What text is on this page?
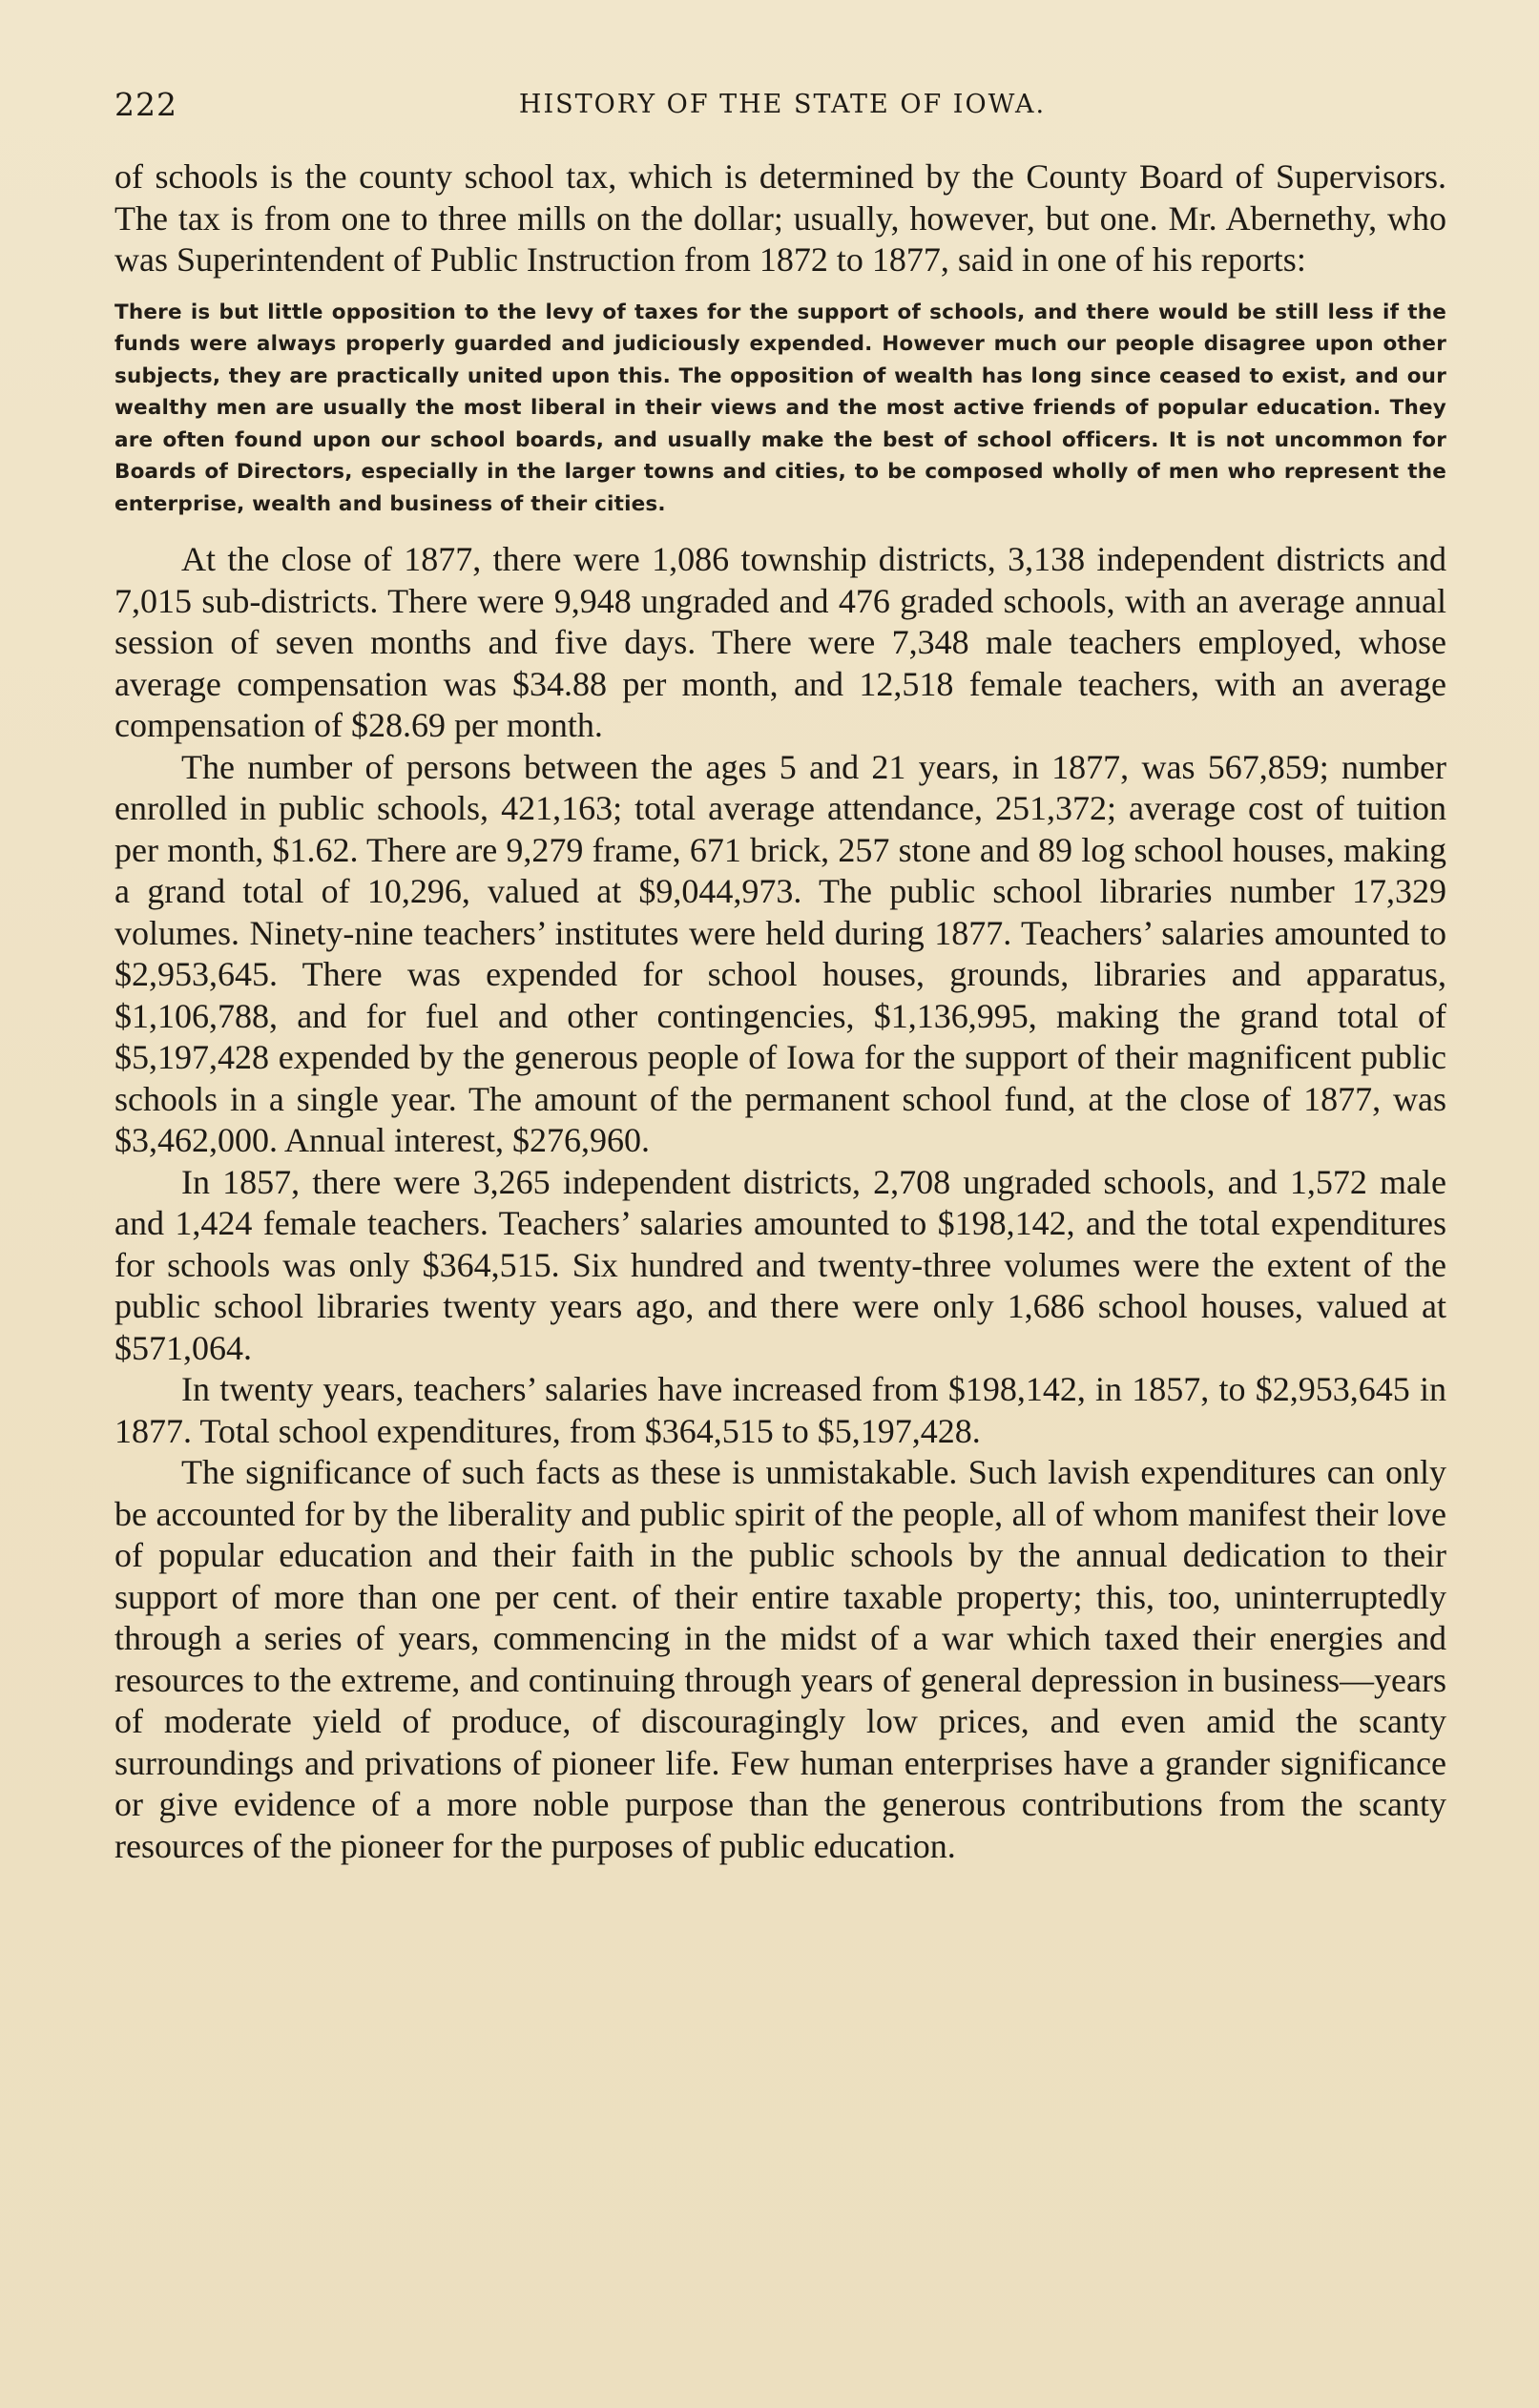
222	HISTORY OF THE STATE OF IOWA.

of schools is the county school tax, which is determined by the County Board of Supervisors. The tax is from one to three mills on the dollar; usually, however, but one. Mr. Abernethy, who was Superintendent of Public Instruction from 1872 to 1877, said in one of his reports:

There is but little opposition to the levy of taxes for the support of schools, and there would be still less if the funds were always properly guarded and judiciously expended. However much our people disagree upon other subjects, they are practically united upon this. The opposition of wealth has long since ceased to exist, and our wealthy men are usually the most liberal in their views and the most active friends of popular education. They are often found upon our school boards, and usually make the best of school officers. It is not uncommon for Boards of Directors, especially in the larger towns and cities, to be composed wholly of men who represent the enterprise, wealth and business of their cities.

At the close of 1877, there were 1,086 township districts, 3,138 independent districts and 7,015 sub-districts. There were 9,948 ungraded and 476 graded schools, with an average annual session of seven months and five days. There were 7,348 male teachers employed, whose average compensation was $34.88 per month, and 12,518 female teachers, with an average compensation of $28.69 per month.

The number of persons between the ages 5 and 21 years, in 1877, was 567,859; number enrolled in public schools, 421,163; total average attendance, 251,372; average cost of tuition per month, $1.62. There are 9,279 frame, 671 brick, 257 stone and 89 log school houses, making a grand total of 10,296, valued at $9,044,973. The public school libraries number 17,329 volumes. Ninety-nine teachers’ institutes were held during 1877. Teachers’ salaries amounted to $2,953,645. There was expended for school houses, grounds, libraries and apparatus, $1,106,788, and for fuel and other contingencies, $1,136,995, making the grand total of $5,197,428 expended by the generous people of Iowa for the support of their magnificent public schools in a single year. The amount of the permanent school fund, at the close of 1877, was $3,462,000. Annual interest, $276,960.

In 1857, there were 3,265 independent districts, 2,708 ungraded schools, and 1,572 male and 1,424 female teachers. Teachers’ salaries amounted to $198,142, and the total expenditures for schools was only $364,515. Six hundred and twenty-three volumes were the extent of the public school libraries twenty years ago, and there were only 1,686 school houses, valued at $571,064.

In twenty years, teachers’ salaries have increased from $198,142, in 1857, to $2,953,645 in 1877. Total school expenditures, from $364,515 to $5,197,428.

The significance of such facts as these is unmistakable. Such lavish expenditures can only be accounted for by the liberality and public spirit of the people, all of whom manifest their love of popular education and their faith in the public schools by the annual dedication to their support of more than one per cent. of their entire taxable property; this, too, uninterruptedly through a series of years, commencing in the midst of a war which taxed their energies and resources to the extreme, and continuing through years of general depression in business—years of moderate yield of produce, of discouragingly low prices, and even amid the scanty surroundings and privations of pioneer life. Few human enterprises have a grander significance or give evidence of a more noble purpose than the generous contributions from the scanty resources of the pioneer for the purposes of public education.
